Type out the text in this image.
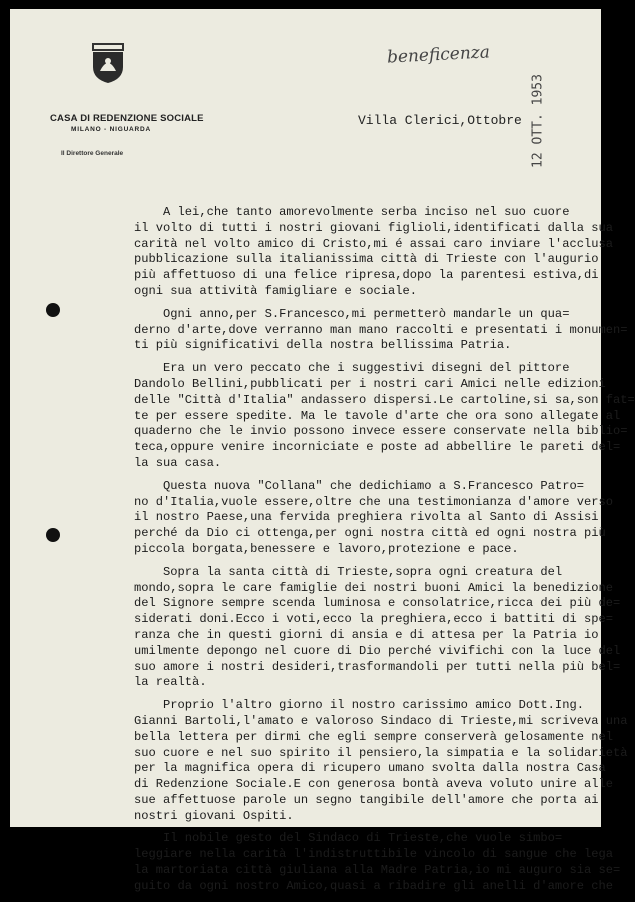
CASA DI REDENZIONE SOCIALE
MILANO - NIGUARDA
Il Direttore Generale
beneficenza
Villa Clerici,Ottobre 12 OTT. 1953

A lei,che tanto amorevolmente serba inciso nel suo cuore
il volto di tutti i nostri giovani figlioli,identificati dalla sua
carità nel volto amico di Cristo,mi é assai caro inviare l'acclusa
pubblicazione sulla italianissima città di Trieste con l'augurio
più affettuoso di una felice ripresa,dopo la parentesi estiva,di
ogni sua attività famigliare e sociale.

Ogni anno,per S.Francesco,mi permetterò mandarle un qua=
derno d'arte,dove verranno man mano raccolti e presentati i monumen=
ti più significativi della nostra bellissima Patria.

Era un vero peccato che i suggestivi disegni del pittore
Dandolo Bellini,pubblicati per i nostri cari Amici nelle edizioni
delle "Città d'Italia" andassero dispersi.Le cartoline,si sa,son fat=
te per essere spedite. Ma le tavole d'arte che ora sono allegate al
quaderno che le invio possono invece essere conservate nella biblio=
teca,oppure venire incorniciate e poste ad abbellire le pareti del=
la sua casa.

Questa nuova "Collana" che dedichiamo a S.Francesco Patro=
no d'Italia,vuole essere,oltre che una testimonianza d'amore verso
il nostro Paese,una fervida preghiera rivolta al Santo di Assisi
perché da Dio ci ottenga,per ogni nostra città ed ogni nostra più
piccola borgata,benessere e lavoro,protezione e pace.

Sopra la santa città di Trieste,sopra ogni creatura del
mondo,sopra le care famiglie dei nostri buoni Amici la benedizione
del Signore sempre scenda luminosa e consolatrice,ricca dei più de=
siderati doni.Ecco i voti,ecco la preghiera,ecco i battiti di spe=
ranza che in questi giorni di ansia e di attesa per la Patria io
umilmente depongo nel cuore di Dio perché vivifichi con la luce del
suo amore i nostri desideri,trasformandoli per tutti nella più bel=
la realtà.

Proprio l'altro giorno il nostro carissimo amico Dott.Ing.
Gianni Bartoli,l'amato e valoroso Sindaco di Trieste,mi scriveva una
bella lettera per dirmi che egli sempre conserverà gelosamente nel
suo cuore e nel suo spirito il pensiero,la simpatia e la solidarietà
per la magnifica opera di ricupero umano svolta dalla nostra Casa
di Redenzione Sociale.E con generosa bontà aveva voluto unire alle
sue affettuose parole un segno tangibile dell'amore che porta ai
nostri giovani Ospiti.

Il nobile gesto del Sindaco di Trieste,che vuole simbo=
leggiare nella carità l'indistruttibile vincolo di sangue che lega
la martoriata città giuliana alla Madre Patria,io mi auguro sia se=
guito da ogni nostro Amico,quasi a ribadire gli anelli d'amore che
